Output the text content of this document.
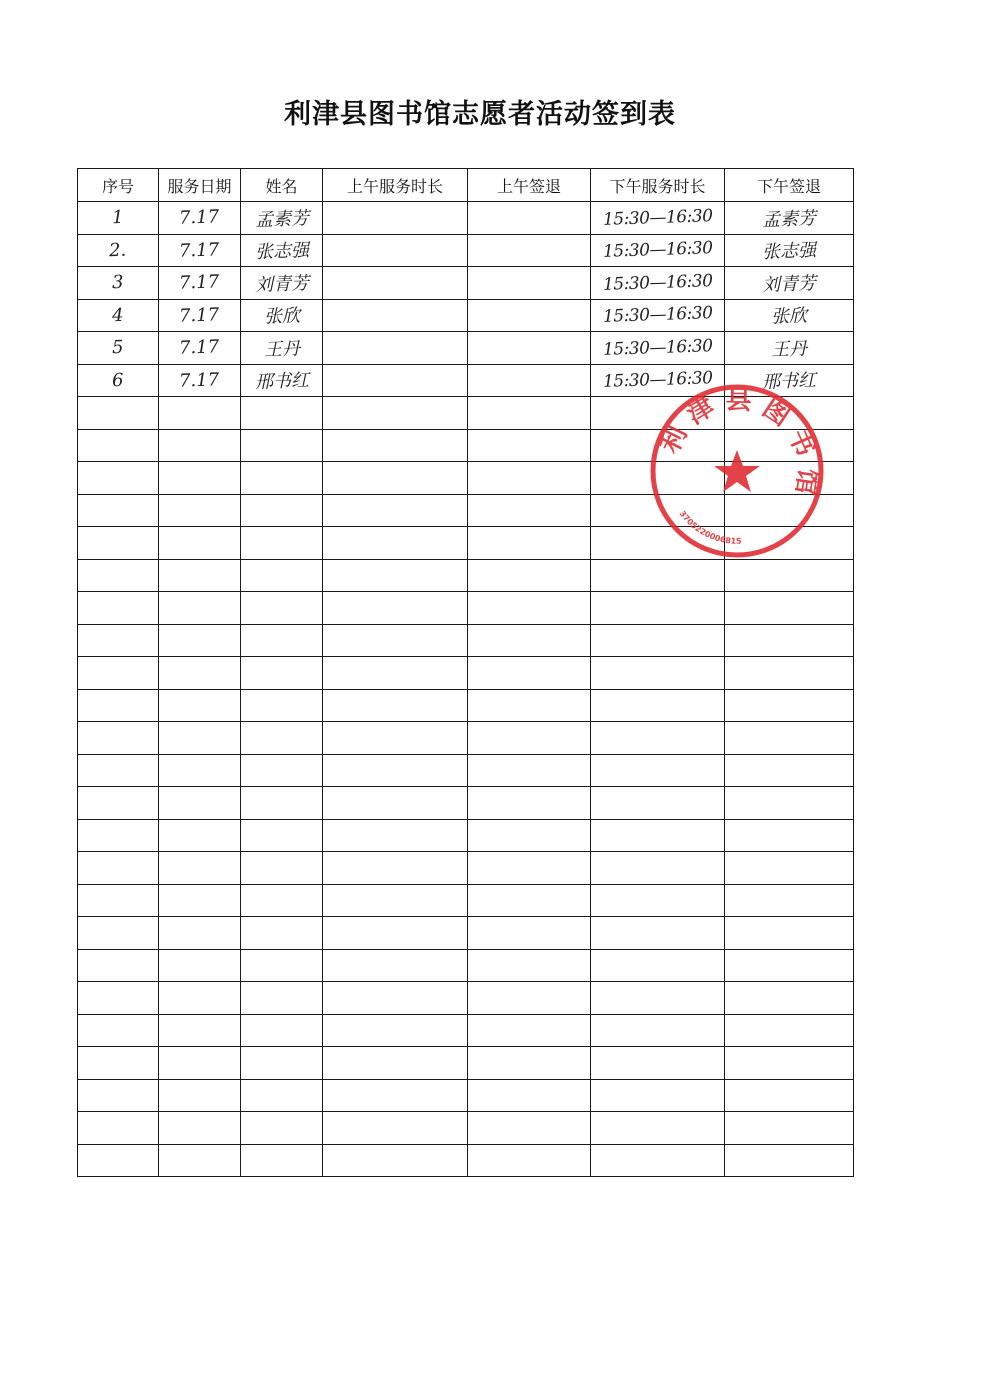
利津县图书馆志愿者活动签到表
序号	服务日期	姓名	上午服务时长	上午签退	下午服务时长	下午签退
1	7.17	孟素芳			15:30—16:30	孟素芳
2.	7.17	张志强			15:30—16:30	张志强
3	7.17	刘青芳			15:30—16:30	刘青芳
4	7.17	张欣			15:30—16:30	张欣
5	7.17	王丹			15:30—16:30	王丹
6	7.17	邢书红			15:30—16:30	邢书红

利 津 县 图 书 馆
3705220006815
